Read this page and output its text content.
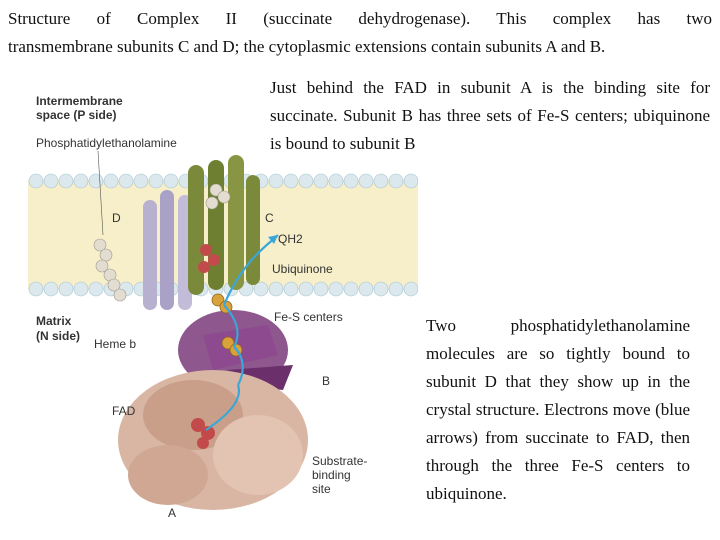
Structure of Complex II (succinate dehydrogenase). This complex has two
transmembrane subunits C and D; the cytoplasmic extensions contain subunits A and B.
Just behind the FAD in subunit A is the binding site for succinate. Subunit B has three sets of Fe-S centers; ubiquinone is bound to subunit B
Two phosphatidylethanolamine molecules are so tightly bound to subunit D that they show up in the crystal structure. Electrons move (blue arrows) from succinate to FAD, then through the three Fe-S centers to ubiquinone.
Intermembrane
space (P side)
Phosphatidylethanolamine
D	C
QH2
Ubiquinone
Matrix
(N side)
Heme b
Fe-S centers
B
FAD
Substrate-
binding
site
A
